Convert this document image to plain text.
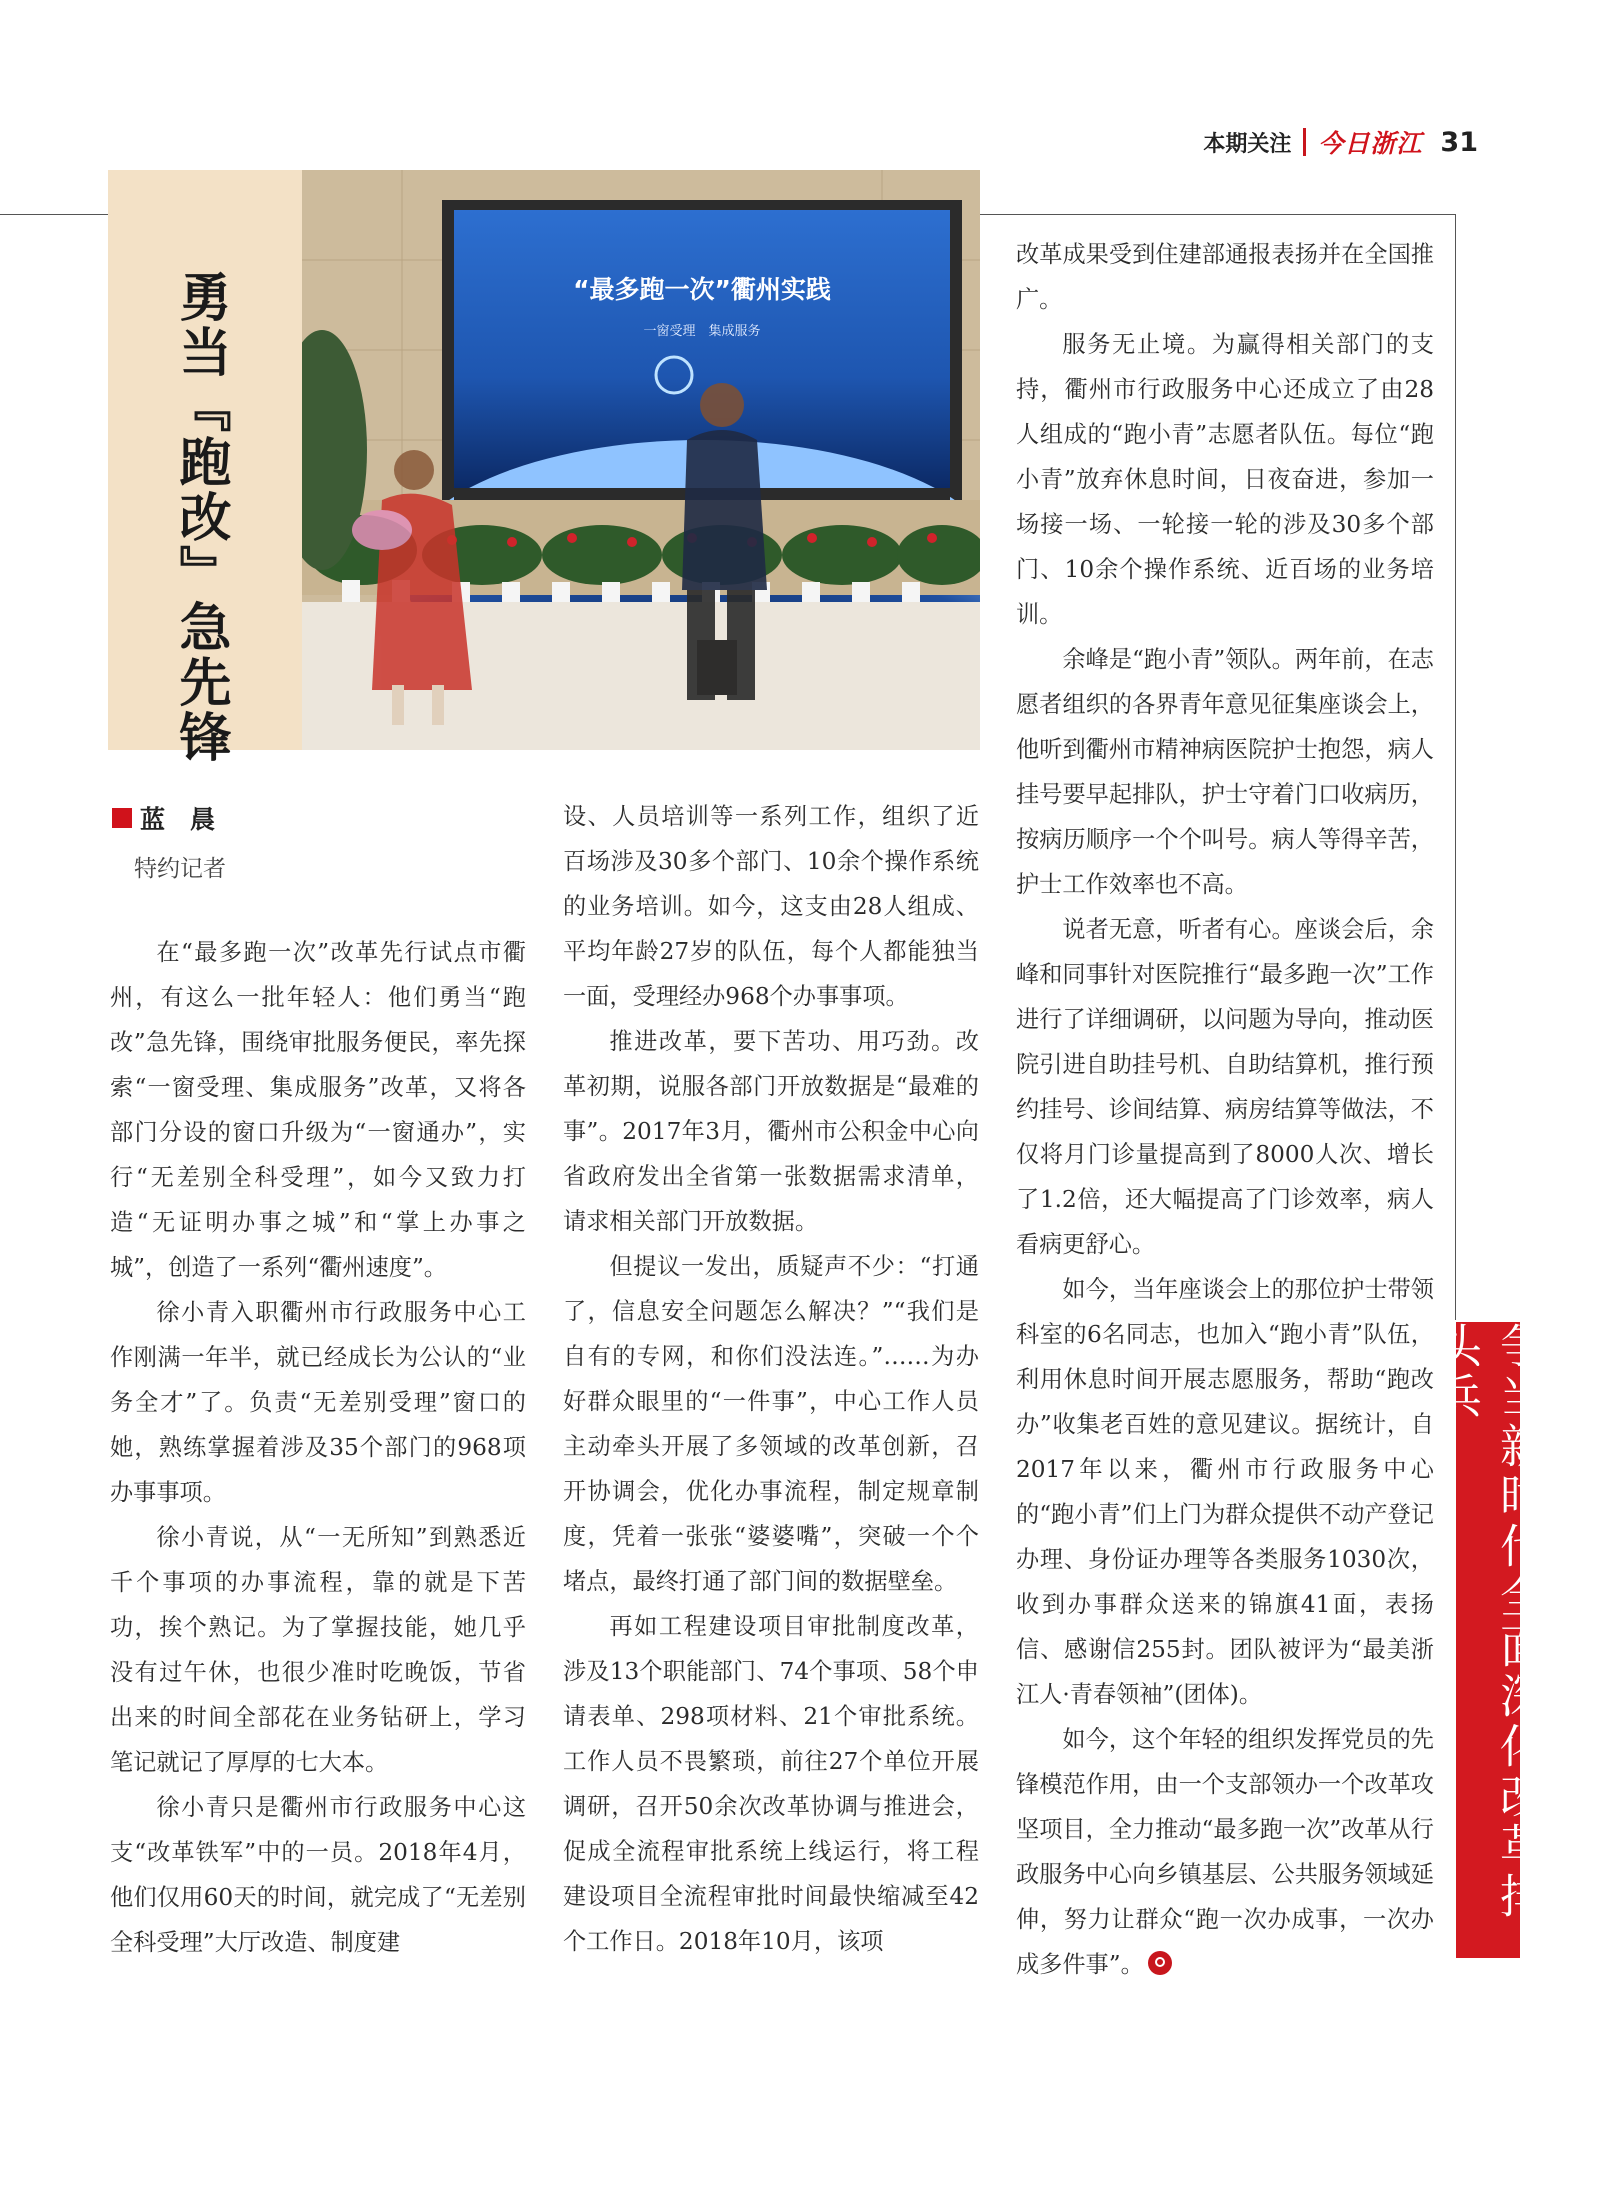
本期关注 今日浙江 31
勇当『跑改』急先锋	“最多跑一次”衢州实践
一窗受理　集成服务
蓝　晨
特约记者

在“最多跑一次”改革先行试点市衢州，有这么一批年轻人：他们勇当“跑改”急先锋，围绕审批服务便民，率先探索“一窗受理、集成服务”改革，又将各部门分设的窗口升级为“一窗通办”，实行“无差别全科受理”，如今又致力打造“无证明办事之城”和“掌上办事之城”，创造了一系列“衢州速度”。

徐小青入职衢州市行政服务中心工作刚满一年半，就已经成长为公认的“业务全才”了。负责“无差别受理”窗口的她，熟练掌握着涉及35个部门的968项办事事项。

徐小青说，从“一无所知”到熟悉近千个事项的办事流程，靠的就是下苦功，挨个熟记。为了掌握技能，她几乎没有过午休，也很少准时吃晚饭，节省出来的时间全部花在业务钻研上，学习笔记就记了厚厚的七大本。

徐小青只是衢州市行政服务中心这支“改革铁军”中的一员。2018年4月，他们仅用60天的时间，就完成了“无差别全科受理”大厅改造、制度建

设、人员培训等一系列工作，组织了近百场涉及30多个部门、10余个操作系统的业务培训。如今，这支由28人组成、平均年龄27岁的队伍，每个人都能独当一面，受理经办968个办事事项。

推进改革，要下苦功、用巧劲。改革初期，说服各部门开放数据是“最难的事”。2017年3月，衢州市公积金中心向省政府发出全省第一张数据需求清单，请求相关部门开放数据。

但提议一发出，质疑声不少：“打通了，信息安全问题怎么解决？”“我们是自有的专网，和你们没法连。”……为办好群众眼里的“一件事”，中心工作人员主动牵头开展了多领域的改革创新，召开协调会，优化办事流程，制定规章制度，凭着一张张“婆婆嘴”，突破一个个堵点，最终打通了部门间的数据壁垒。

再如工程建设项目审批制度改革，涉及13个职能部门、74个事项、58个申请表单、298项材料、21个审批系统。工作人员不畏繁琐，前往27个单位开展调研，召开50余次改革协调与推进会，促成全流程审批系统上线运行，将工程建设项目全流程审批时间最快缩减至42个工作日。2018年10月，该项

改革成果受到住建部通报表扬并在全国推广。

服务无止境。为赢得相关部门的支持，衢州市行政服务中心还成立了由28人组成的“跑小青”志愿者队伍。每位“跑小青”放弃休息时间，日夜奋进，参加一场接一场、一轮接一轮的涉及30多个部门、10余个操作系统、近百场的业务培训。

余峰是“跑小青”领队。两年前，在志愿者组织的各界青年意见征集座谈会上，他听到衢州市精神病医院护士抱怨，病人挂号要早起排队，护士守着门口收病历，按病历顺序一个个叫号。病人等得辛苦，护士工作效率也不高。

说者无意，听者有心。座谈会后，余峰和同事针对医院推行“最多跑一次”工作进行了详细调研，以问题为导向，推动医院引进自助挂号机、自助结算机，推行预约挂号、诊间结算、病房结算等做法，不仅将月门诊量提高到了8000人次、增长了1.2倍，还大幅提高了门诊效率，病人看病更舒心。

如今，当年座谈会上的那位护士带领科室的6名同志，也加入“跑小青”队伍，利用休息时间开展志愿服务，帮助“跑改办”收集老百姓的意见建议。据统计，自2017年以来，衢州市行政服务中心的“跑小青”们上门为群众提供不动产登记办理、身份证办理等各类服务1030次，收到办事群众送来的锦旗41面，表扬信、感谢信255封。团队被评为“最美浙江人·青春领袖”(团体)。

如今，这个年轻的组织发挥党员的先锋模范作用，由一个支部领办一个改革攻坚项目，全力推动“最多跑一次”改革从行政服务中心向乡镇基层、公共服务领域延伸，努力让群众“跑一次办成事，一次办成多件事”。

争当新时代全面深化改革排头兵
